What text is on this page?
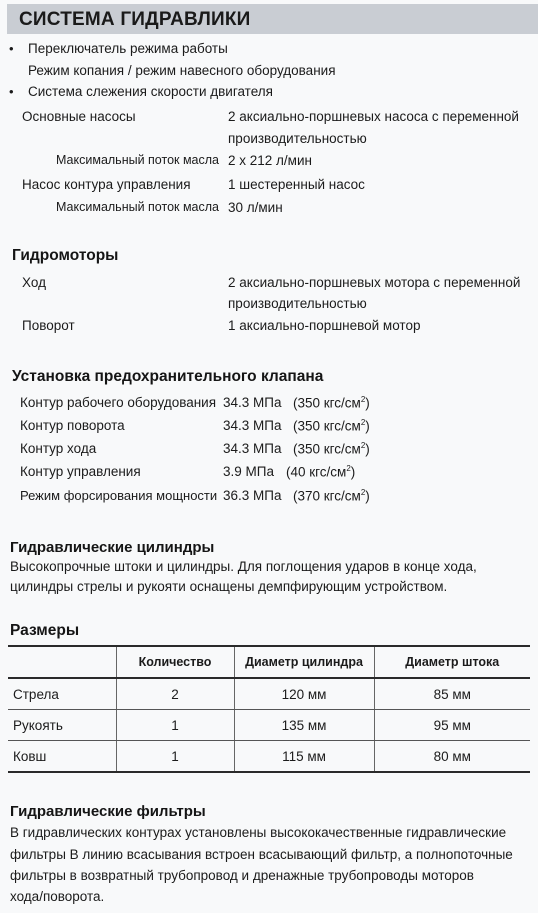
СИСТЕМА ГИДРАВЛИКИ
• Переключатель режима работы
Режим копания / режим навесного оборудования
• Система слежения скорости двигателя
Основные насосы	2 аксиально-поршневых насоса с переменной
производительностью
Максимальный поток масла 2 x 212 л/мин
Насос контура управления	1 шестеренный насос
Максимальный поток масла 30 л/мин
Гидромоторы
Ход	2 аксиально-поршневых мотора с переменной
производительностью
Поворот	1 аксиально-поршневой мотор
Установка предохранительного клапана
Контур рабочего оборудования 34.3 МПа (350 кгс/$см^2$)
Контур поворота	34.3 МПа (350 кгс/$см^2$)
Контур хода	34.3 МПа (350 кгс/$см^2$)
Контур управления	3.9 МПа (40 кгс/$см^2$)
Режим форсирования мощности 36.3 МПа (370 кгс/$см^2$)
Гидравлические цилиндры
Высокопрочные штоки и цилиндры. Для поглощения ударов в конце хода,
цилиндры стрелы и рукояти оснащены демпфирующим устройством.
Размеры
	Количество	Диаметр цилиндра	Диаметр штока
Стрела	2	120 мм	85 мм
Рукоять	1	135 мм	95 мм
Ковш	1	115 мм	80 мм
Гидравлические фильтры
В гидравлических контурах установлены высококачественные гидравлические
фильтры В линию всасывания встроен всасывающий фильтр, а полнопоточные
фильтры в возвратный трубопровод и дренажные трубопроводы моторов
хода/поворота.
